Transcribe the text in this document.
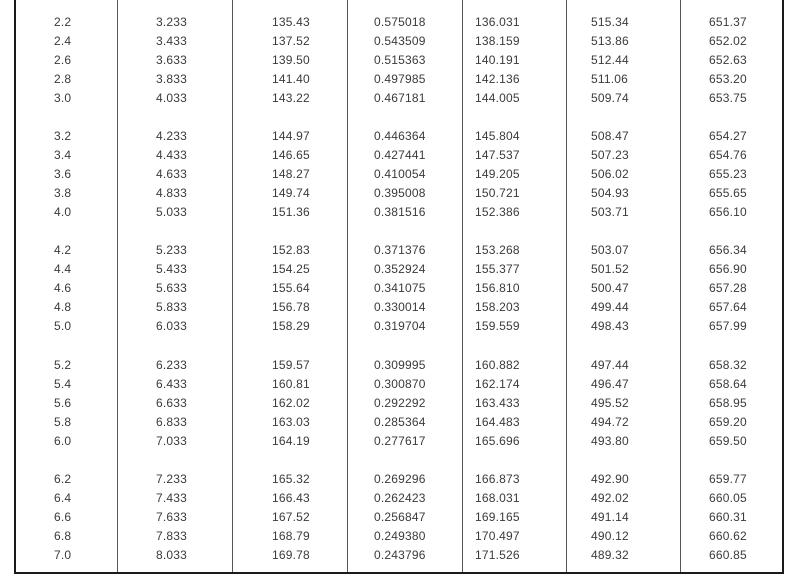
2.2	3.233	135.43	0.575018	136.031	515.34	651.37
2.4	3.433	137.52	0.543509	138.159	513.86	652.02
2.6	3.633	139.50	0.515363	140.191	512.44	652.63
2.8	3.833	141.40	0.497985	142.136	511.06	653.20
3.0	4.033	143.22	0.467181	144.005	509.74	653.75
3.2	4.233	144.97	0.446364	145.804	508.47	654.27
3.4	4.433	146.65	0.427441	147.537	507.23	654.76
3.6	4.633	148.27	0.410054	149.205	506.02	655.23
3.8	4.833	149.74	0.395008	150.721	504.93	655.65
4.0	5.033	151.36	0.381516	152.386	503.71	656.10
4.2	5.233	152.83	0.371376	153.268	503.07	656.34
4.4	5.433	154.25	0.352924	155.377	501.52	656.90
4.6	5.633	155.64	0.341075	156.810	500.47	657.28
4.8	5.833	156.78	0.330014	158.203	499.44	657.64
5.0	6.033	158.29	0.319704	159.559	498.43	657.99
5.2	6.233	159.57	0.309995	160.882	497.44	658.32
5.4	6.433	160.81	0.300870	162.174	496.47	658.64
5.6	6.633	162.02	0.292292	163.433	495.52	658.95
5.8	6.833	163.03	0.285364	164.483	494.72	659.20
6.0	7.033	164.19	0.277617	165.696	493.80	659.50
6.2	7.233	165.32	0.269296	166.873	492.90	659.77
6.4	7.433	166.43	0.262423	168.031	492.02	660.05
6.6	7.633	167.52	0.256847	169.165	491.14	660.31
6.8	7.833	168.79	0.249380	170.497	490.12	660.62
7.0	8.033	169.78	0.243796	171.526	489.32	660.85
